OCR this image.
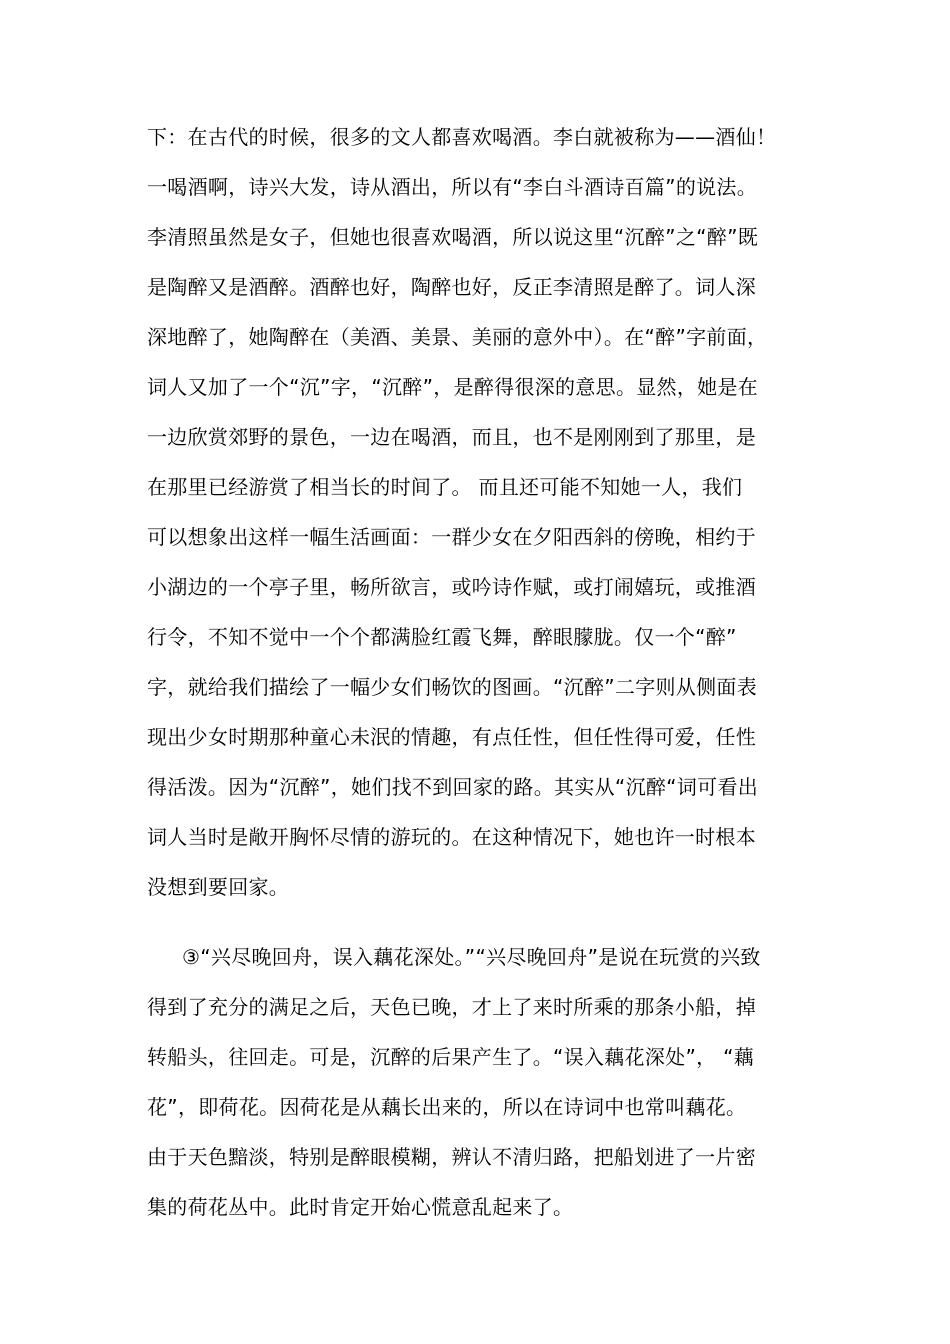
下：在古代的时候，很多的文人都喜欢喝酒。李白就被称为——酒仙！
一喝酒啊，诗兴大发，诗从酒出，所以有“李白斗酒诗百篇”的说法。
李清照虽然是女子，但她也很喜欢喝酒，所以说这里“沉醉”之“醉”既
是陶醉又是酒醉。酒醉也好，陶醉也好，反正李清照是醉了。词人深
深地醉了，她陶醉在（美酒、美景、美丽的意外中）。在“醉”字前面，
词人又加了一个“沉”字，“沉醉”，是醉得很深的意思。显然，她是在
一边欣赏郊野的景色，一边在喝酒，而且，也不是刚刚到了那里，是
在那里已经游赏了相当长的时间了。 而且还可能不知她一人，我们
可以想象出这样一幅生活画面：一群少女在夕阳西斜的傍晚，相约于
小湖边的一个亭子里，畅所欲言，或吟诗作赋，或打闹嬉玩，或推酒
行令，不知不觉中一个个都满脸红霞飞舞，醉眼朦胧。仅一个“醉”
字，就给我们描绘了一幅少女们畅饮的图画。“沉醉”二字则从侧面表
现出少女时期那种童心未泯的情趣，有点任性，但任性得可爱，任性
得活泼。因为“沉醉”，她们找不到回家的路。其实从“沉醉“词可看出
词人当时是敞开胸怀尽情的游玩的。在这种情况下，她也许一时根本
没想到要回家。
③“兴尽晚回舟，误入藕花深处。”“兴尽晚回舟”是说在玩赏的兴致
得到了充分的满足之后，天色已晚，才上了来时所乘的那条小船，掉
转船头，往回走。可是，沉醉的后果产生了。“误入藕花深处”， “藕
花”，即荷花。因荷花是从藕长出来的，所以在诗词中也常叫藕花。
由于天色黯淡，特别是醉眼模糊，辨认不清归路，把船划进了一片密
集的荷花丛中。此时肯定开始心慌意乱起来了。
